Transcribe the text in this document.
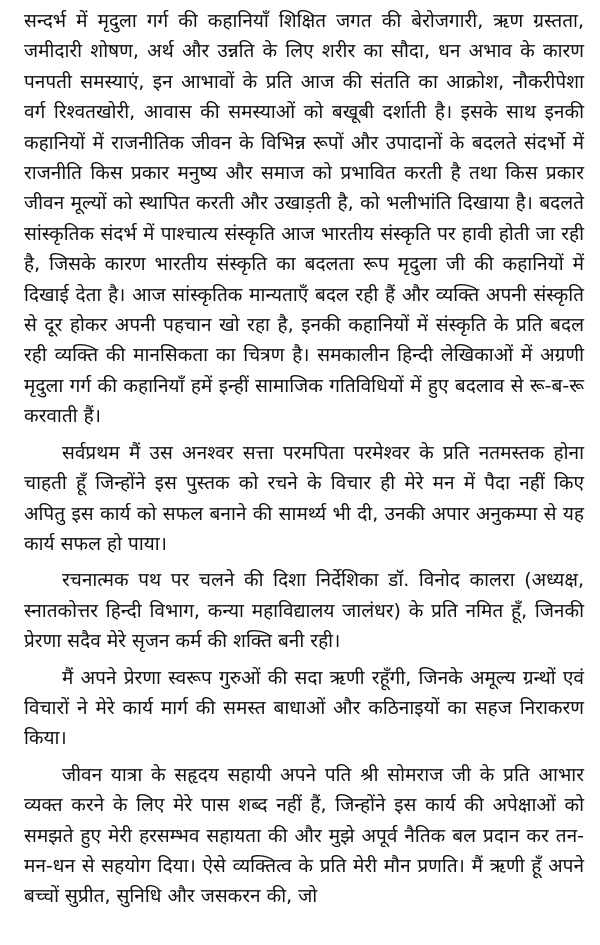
सन्दर्भ में मृदुला गर्ग की कहानियाँ शिक्षित जगत की बेरोजगारी, ऋण ग्रस्तता, जमीदारी शोषण, अर्थ और उन्नति के लिए शरीर का सौदा, धन अभाव के कारण पनपती समस्याएं, इन आभावों के प्रति आज की संतति का आक्रोश, नौकरीपेशा वर्ग रिश्वतखोरी, आवास की समस्याओं को बखूबी दर्शाती है। इसके साथ इनकी कहानियों में राजनीतिक जीवन के विभिन्न रूपों और उपादानों के बदलते संदर्भो में राजनीति किस प्रकार मनुष्य और समाज को प्रभावित करती है तथा किस प्रकार जीवन मूल्यों को स्थापित करती और उखाड़ती है, को भलीभांति दिखाया है। बदलते सांस्कृतिक संदर्भ में पाश्चात्य संस्कृति आज भारतीय संस्कृति पर हावी होती जा रही है, जिसके कारण भारतीय संस्कृति का बदलता रूप मृदुला जी की कहानियों में दिखाई देता है। आज सांस्कृतिक मान्यताएँ बदल रही हैं और व्यक्ति अपनी संस्कृति से दूर होकर अपनी पहचान खो रहा है, इनकी कहानियों में संस्कृति के प्रति बदल रही व्यक्ति की मानसिकता का चित्रण है। समकालीन हिन्दी लेखिकाओं में अग्रणी मृदुला गर्ग की कहानियाँ हमें इन्हीं सामाजिक गतिविधियों में हुए बदलाव से रू-ब-रू करवाती हैं।

सर्वप्रथम मैं उस अनश्वर सत्ता परमपिता परमेश्वर के प्रति नतमस्तक होना चाहती हूँ जिन्होंने इस पुस्तक को रचने के विचार ही मेरे मन में पैदा नहीं किए अपितु इस कार्य को सफल बनाने की सामर्थ्य भी दी, उनकी अपार अनुकम्पा से यह कार्य सफल हो पाया।

रचनात्मक पथ पर चलने की दिशा निर्देशिका डॉ. विनोद कालरा (अध्यक्ष, स्नातकोत्तर हिन्दी विभाग, कन्या महाविद्यालय जालंधर) के प्रति नमित हूँ, जिनकी प्रेरणा सदैव मेरे सृजन कर्म की शक्ति बनी रही।

मैं अपने प्रेरणा स्वरूप गुरुओं की सदा ऋणी रहूँगी, जिनके अमूल्य ग्रन्थों एवं विचारों ने मेरे कार्य मार्ग की समस्त बाधाओं और कठिनाइयों का सहज निराकरण किया।

जीवन यात्रा के सहृदय सहायी अपने पति श्री सोमराज जी के प्रति आभार व्यक्त करने के लिए मेरे पास शब्द नहीं हैं, जिन्होंने इस कार्य की अपेक्षाओं को समझते हुए मेरी हरसम्भव सहायता की और मुझे अपूर्व नैतिक बल प्रदान कर तन-मन-धन से सहयोग दिया। ऐसे व्यक्तित्व के प्रति मेरी मौन प्रणति। मैं ऋणी हूँ अपने बच्चों सुप्रीत, सुनिधि और जसकरन की, जो
